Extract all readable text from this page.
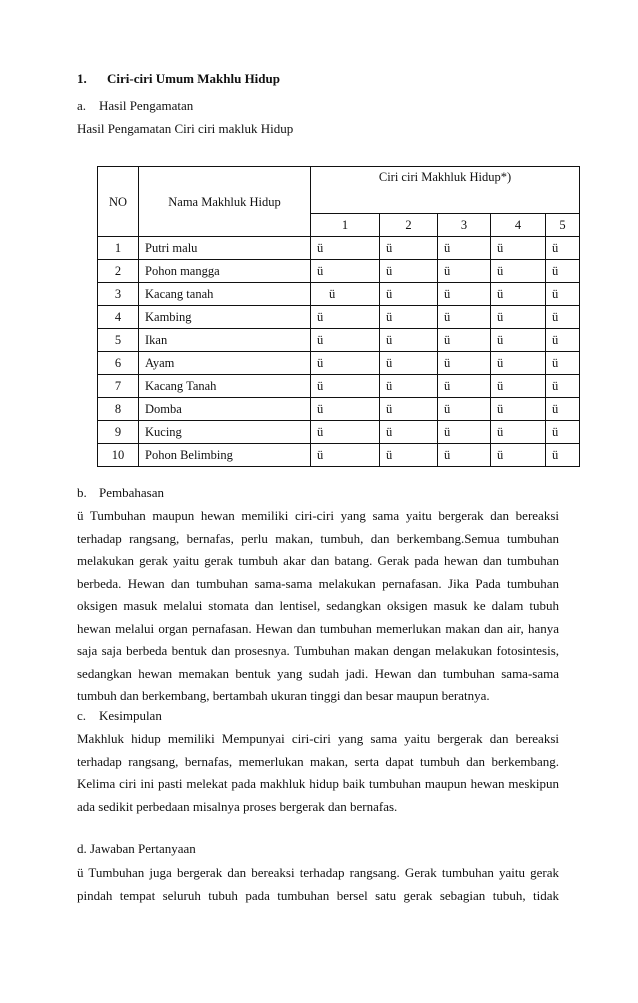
1. Ciri-ciri Umum Makhlu Hidup
a. Hasil Pengamatan
Hasil Pengamatan Ciri ciri makluk Hidup
NO	Nama Makhluk Hidup	Ciri ciri Makhluk Hidup*)				
		1	2	3	4	5
1	Putri malu	ü	ü	ü	ü	ü
2	Pohon mangga	ü	ü	ü	ü	ü
3	Kacang tanah	ü	ü	ü	ü	ü
4	Kambing	ü	ü	ü	ü	ü
5	Ikan	ü	ü	ü	ü	ü
6	Ayam	ü	ü	ü	ü	ü
7	Kacang Tanah	ü	ü	ü	ü	ü
8	Domba	ü	ü	ü	ü	ü
9	Kucing	ü	ü	ü	ü	ü
10	Pohon Belimbing	ü	ü	ü	ü	ü
b. Pembahasan

ü Tumbuhan maupun hewan memiliki ciri-ciri yang sama yaitu bergerak dan bereaksi terhadap rangsang, bernafas, perlu makan, tumbuh, dan berkembang.Semua tumbuhan melakukan gerak yaitu gerak tumbuh akar dan batang. Gerak pada hewan dan tumbuhan berbeda. Hewan dan tumbuhan sama-sama melakukan pernafasan. Jika Pada tumbuhan oksigen masuk melalui stomata dan lentisel, sedangkan oksigen masuk ke dalam tubuh hewan melalui organ pernafasan. Hewan dan tumbuhan memerlukan makan dan air, hanya saja saja berbeda bentuk dan prosesnya. Tumbuhan makan dengan melakukan fotosintesis, sedangkan hewan memakan bentuk yang sudah jadi. Hewan dan tumbuhan sama-sama tumbuh dan berkembang, bertambah ukuran tinggi dan besar maupun beratnya.

c. Kesimpulan

Makhluk hidup memiliki Mempunyai ciri-ciri yang sama yaitu bergerak dan bereaksi terhadap rangsang, bernafas, memerlukan makan, serta dapat tumbuh dan berkembang. Kelima ciri ini pasti melekat pada makhluk hidup baik tumbuhan maupun hewan meskipun ada sedikit perbedaan misalnya proses bergerak dan bernafas.

d. Jawaban Pertanyaan

ü Tumbuhan juga bergerak dan bereaksi terhadap rangsang. Gerak tumbuhan yaitu gerak pindah tempat seluruh tubuh pada tumbuhan bersel satu gerak sebagian tubuh, tidak
